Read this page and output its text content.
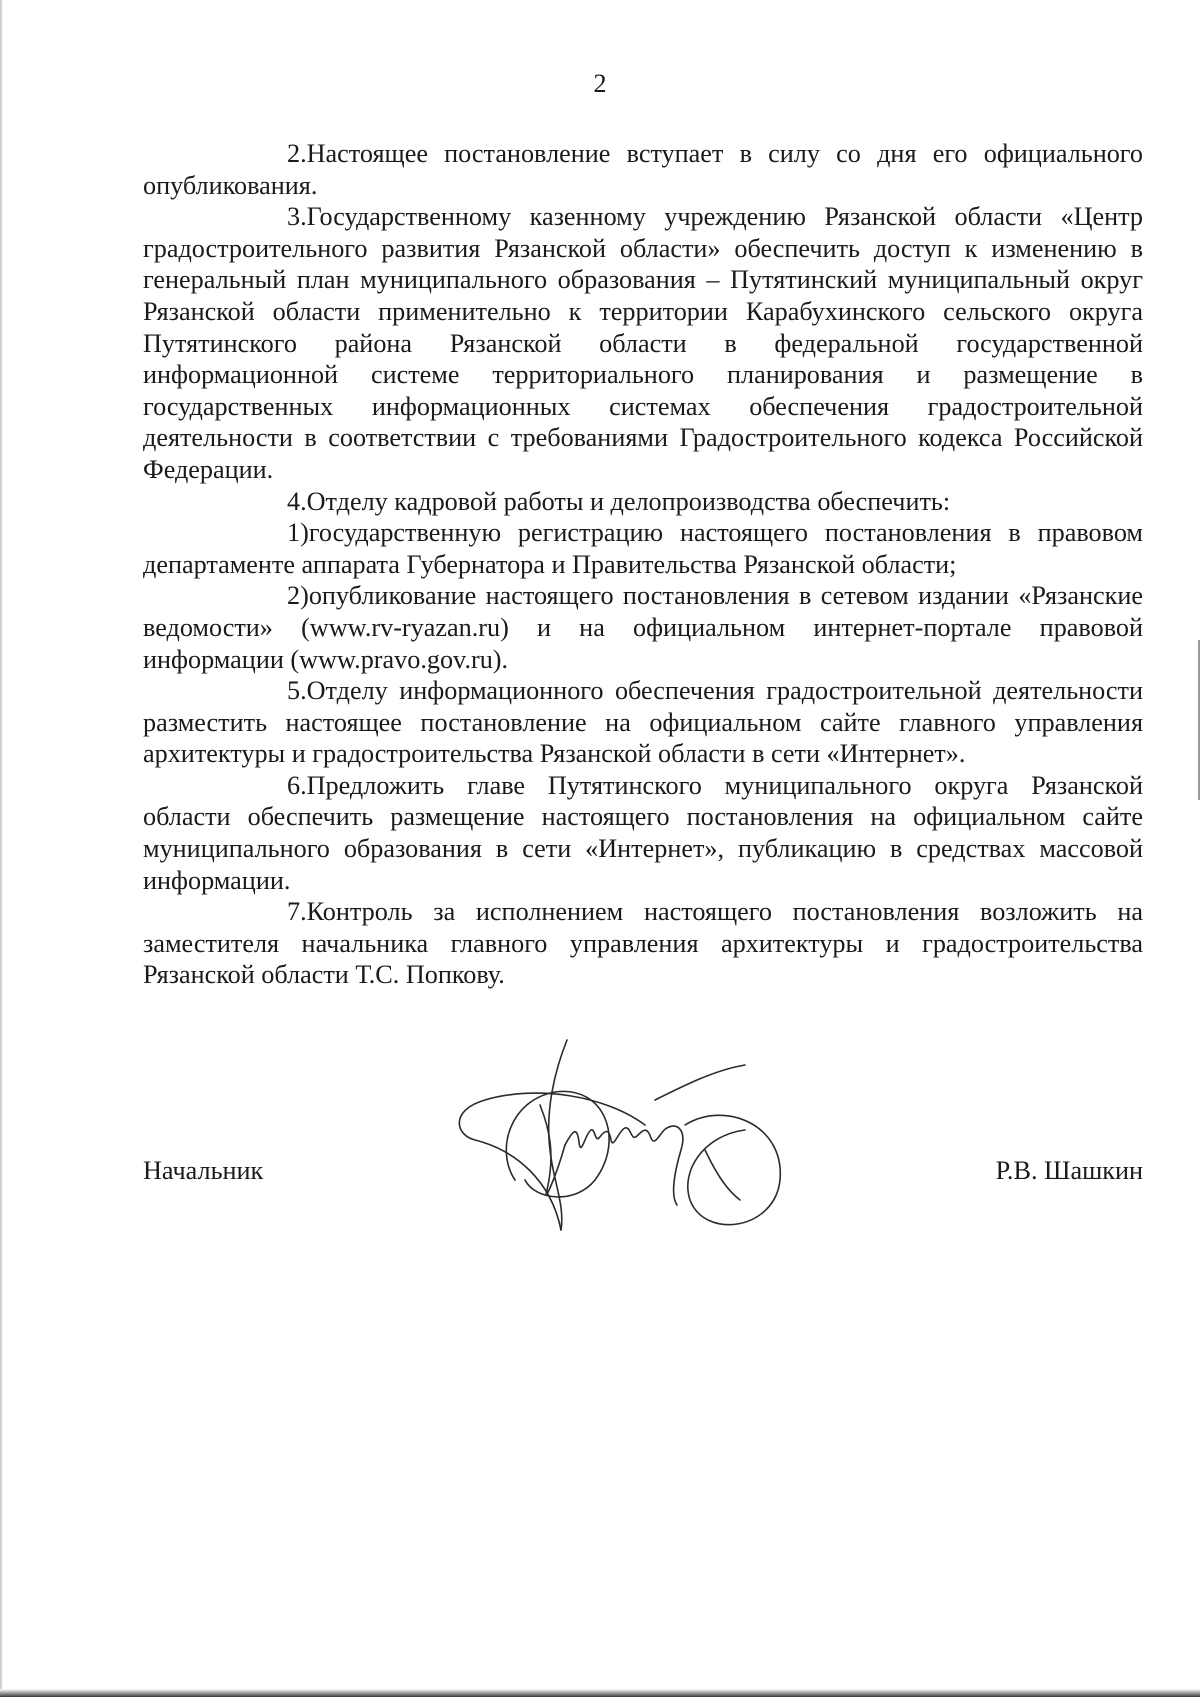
2

2.Настоящее постановление вступает в силу со дня его официального опубликования.

3.Государственному казенному учреждению Рязанской области «Центр градостроительного развития Рязанской области» обеспечить доступ к изменению в генеральный план муниципального образования – Путятинский муниципальный округ Рязанской области применительно к территории Карабухинского сельского округа Путятинского района Рязанской области в федеральной государственной информационной системе территориального планирования и размещение в государственных информационных системах обеспечения градостроительной деятельности в соответствии с требованиями Градостроительного кодекса Российской Федерации.

4.Отделу кадровой работы и делопроизводства обеспечить:

1)государственную регистрацию настоящего постановления в правовом департаменте аппарата Губернатора и Правительства Рязанской области;

2)опубликование настоящего постановления в сетевом издании «Рязанские ведомости» (www.rv-ryazan.ru) и на официальном интернет-портале правовой информации (www.pravo.gov.ru).

5.Отделу информационного обеспечения градостроительной деятельности разместить настоящее постановление на официальном сайте главного управления архитектуры и градостроительства Рязанской области в сети «Интернет».

6.Предложить главе Путятинского муниципального округа Рязанской области обеспечить размещение настоящего постановления на официальном сайте муниципального образования в сети «Интернет», публикацию в средствах массовой информации.

7.Контроль за исполнением настоящего постановления возложить на заместителя начальника главного управления архитектуры и градостроительства Рязанской области Т.С. Попкову.

Начальник	Р.В. Шашкин
